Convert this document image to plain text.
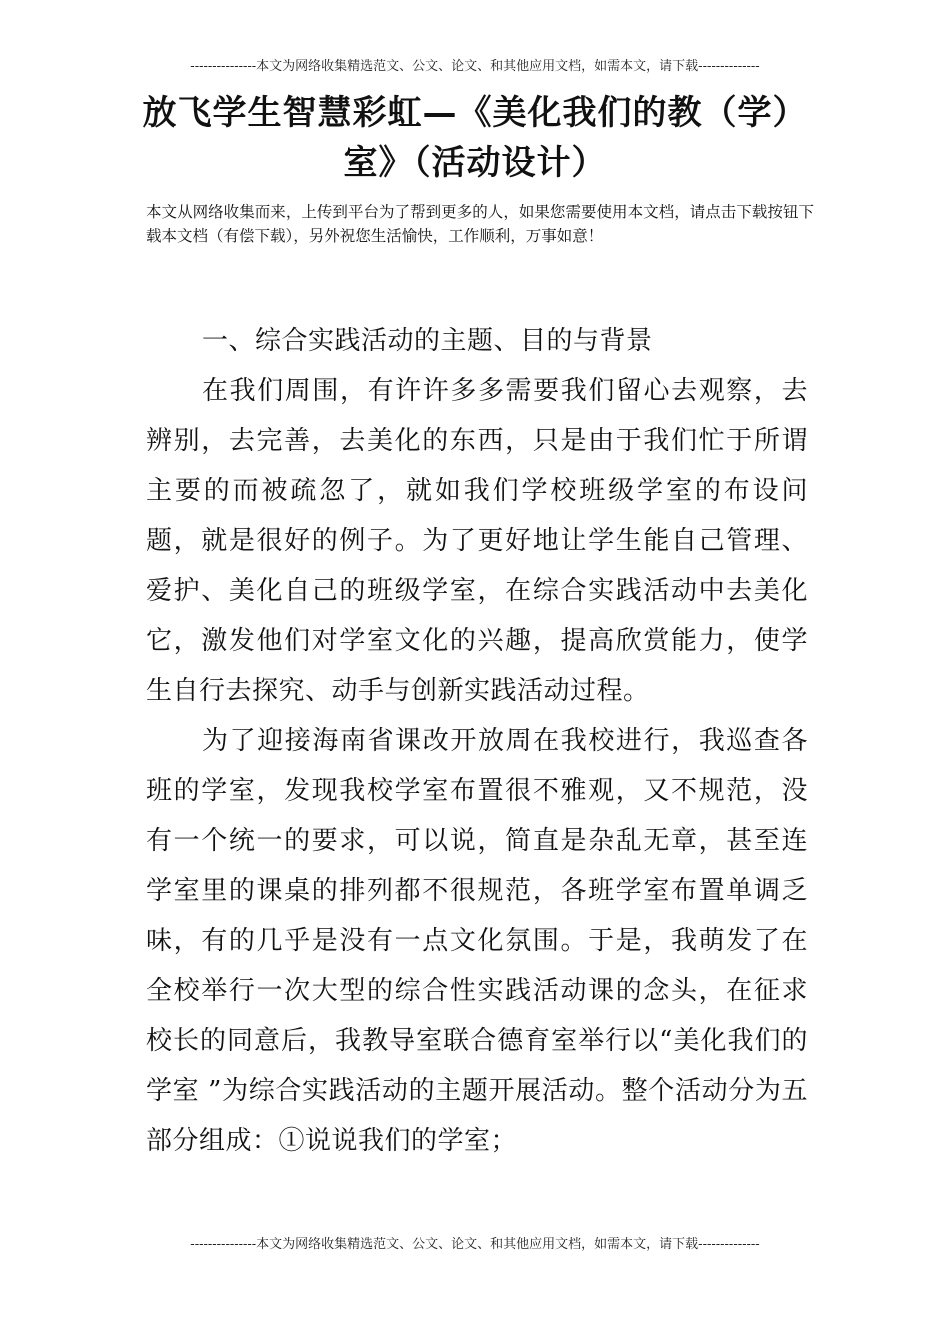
---------------本文为网络收集精选范文、公文、论文、和其他应用文档，如需本文，请下载--------------
放飞学生智慧彩虹—《美化我们的教（学）
室》（活动设计）

本文从网络收集而来，上传到平台为了帮到更多的人，如果您需要使用本文档，请点击下载按钮下载本文档（有偿下载），另外祝您生活愉快，工作顺利，万事如意！

一、综合实践活动的主题、目的与背景

在我们周围，有许许多多需要我们留心去观察，去辨别，去完善，去美化的东西，只是由于我们忙于所谓主要的而被疏忽了，就如我们学校班级学室的布设问题，就是很好的例子。为了更好地让学生能自己管理、爱护、美化自己的班级学室，在综合实践活动中去美化它，激发他们对学室文化的兴趣，提高欣赏能力，使学生自行去探究、动手与创新实践活动过程。

为了迎接海南省课改开放周在我校进行，我巡查各班的学室，发现我校学室布置很不雅观，又不规范，没有一个统一的要求，可以说，简直是杂乱无章，甚至连学室里的课桌的排列都不很规范，各班学室布置单调乏味，有的几乎是没有一点文化氛围。于是，我萌发了在全校举行一次大型的综合性实践活动课的念头，在征求校长的同意后，我教导室联合德育室举行以“美化我们的学室 ”为综合实践活动的主题开展活动。整个活动分为五部分组成：①说说我们的学室；

---------------本文为网络收集精选范文、公文、论文、和其他应用文档，如需本文，请下载--------------
